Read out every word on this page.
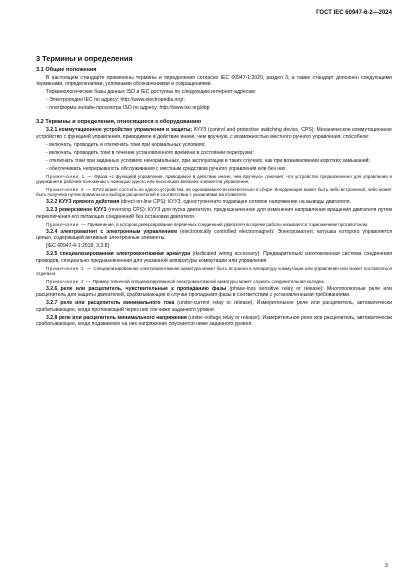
ГОСТ IEC 60947-6-2—2024
3 Термины и определения
3.1 Общие положения

В настоящем стандарте применены термины и определения согласно IEC 60947-1:2020, раздел 3, а также стандарт дополнен следующими терминами, определениями, условными обозначениями и сокращениями.

Терминологические базы данных ISO и IEC доступны по следующим интернет-адресам:

- Электропедия IEC по адресу: http://www.electropedia.org/;

- платформа онлайн-просмотра ISO по адресу: http://www.iso.org/obp

3.2 Термины и определения, относящиеся к оборудованию

3.2.1 коммутационное устройство управления и защиты; КУУЗ (control and protective switching device, CPS): Механическое коммутационное устройство с функцией управления, приводимое в действие иначе, чем вручную, с возможностью местного ручного управления, способное:

- включать, проводить и отключать токи при нормальных условиях;

- включать, проводить токи в течение установленного времени в состоянии перегрузки;

- отключать токи при заданных условиях ненормальных, при эксплуатации в таких случаях, как при возникновении коротких замыканий;

- обеспечивать непрерывность обслуживания с местным средством ручного управления или без них.

Примечание 1 — Фраза «с функцией управления, приводимое в действие иначе, чем вручную» означает, что устройство предназначено для управления и удержания в рабочем положении с помощью одного или нескольких внешних элементов управления.

Примечание 2 — КУУЗ может состоять из одного устройства, не оцениваемого исключительно в сборе. Координация может быть либо встроенной, либо может быть получена путем правильного выбора расцепителей в соответствии с указаниями изготовителя.

3.2.2 КУУЗ прямого действия (direct-on-line CPS): КУУЗ, одноступенчато подающее сетевое напряжение на выводы двигателя.

3.2.3 реверсивное КУУЗ (reversing CPS): КУУЗ для пуска двигателя, предназначенное для изменения направления вращения двигателя путем переключения его питающих соединений без остановки двигателя.

Примечание — Применение, в котором реверсирование первичных соединений двигателя во время работы называется торможением противотоком.

3.2.4 электромагнит с электронным управлением (electronically controlled electromagnet): Электромагнит, катушка которого управляется цепью, содержащей активные электронные элементы.

[IEC 60947-4-1:2018, 3.3.8]

3.2.5 специализированная электромонтажная арматура (dedicated wiring accessory): Предварительно изготовленная система соединения проводов, специально предназначенная для указанной аппаратуры коммутации или управления.

Примечание 1 — Специализированная электромонтажная арматура может быть встроена в аппаратуру коммутации или управления или может поставляться отдельно.

Примечание 2 — Пример типичной специализированной электромонтажной арматуры может служить соединительная колодка.

3.2.6 реле или расцепитель, чувствительные к пропаданию фазы (phase-loss sensitive relay or release): Многополюсные реле или расцепитель для защиты двигателей, срабатывающие в случае пропадания фазы в соответствии с установленными требованиями.

3.2.7 реле или расцепитель минимального тока (under-current relay or release): Измерительное реле или расцепитель, автоматически срабатывающее, когда протекающий через них ток ниже заданного уровня.

3.2.8 реле или расцепитель минимального напряжения (under-voltage relay or release): Измерительное реле или расцепитель, автоматически срабатывающее, когда подаваемое на них напряжение опускается ниже заданного уровня.

3
